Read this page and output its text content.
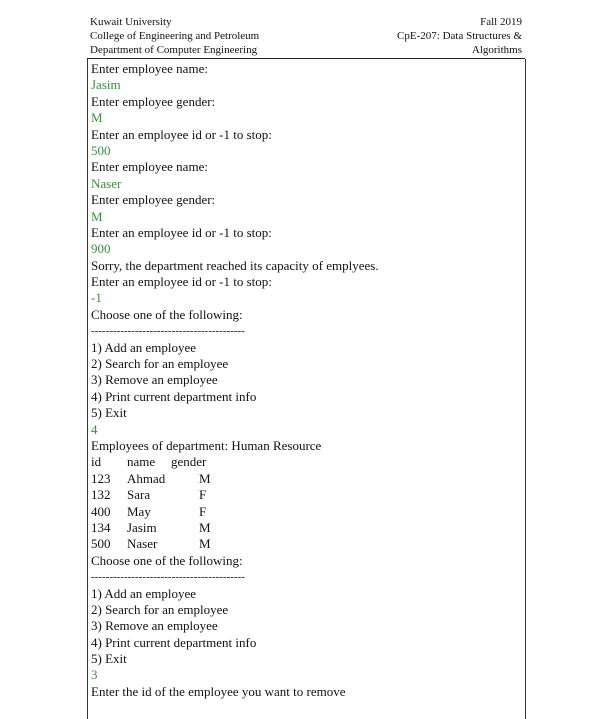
Kuwait University
College of Engineering and Petroleum
Department of Computer Engineering
Fall 2019
CpE-207: Data Structures &
Algorithms
Enter employee name:
Jasim
Enter employee gender:
M
Enter an employee id or -1 to stop:
500
Enter employee name:
Naser
Enter employee gender:
M
Enter an employee id or -1 to stop:
900
Sorry, the department reached its capacity of emplyees.
Enter an employee id or -1 to stop:
-1
Choose one of the following:
------------------------------------------
1) Add an employee
2) Search for an employee
3) Remove an employee
4) Print current department info
5) Exit
4
Employees of department: Human Resource
id name gender
123 Ahmad	M
132 Sara	F
400 May	F
134 Jasim	M
500 Naser	M
Choose one of the following:
------------------------------------------
1) Add an employee
2) Search for an employee
3) Remove an employee
4) Print current department info
5) Exit
3
Enter the id of the employee you want to remove
